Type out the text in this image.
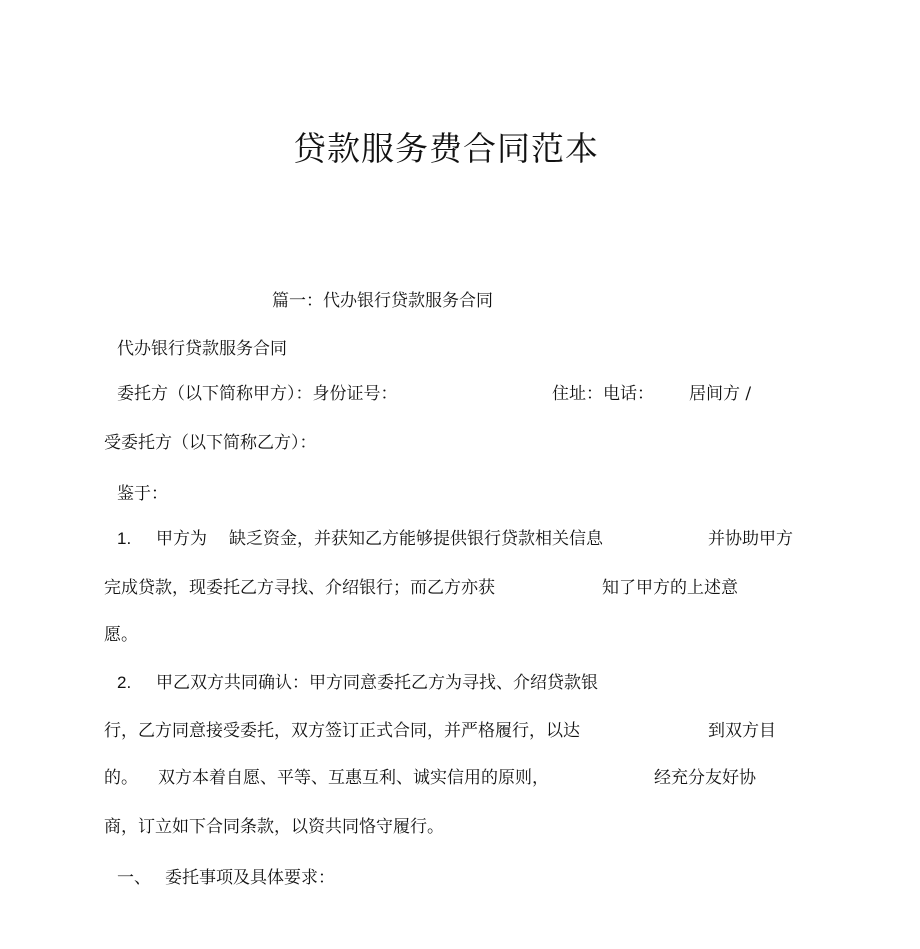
贷款服务费合同范本
篇一：代办银行贷款服务合同
代办银行贷款服务合同
委托方（以下简称甲方）：身份证号：	住址：电话： 居间方 /
受委托方（以下简称乙方）：
鉴于：
1. 甲方为 缺乏资金，并获知乙方能够提供银行贷款相关信息	并协助甲方
完成贷款，现委托乙方寻找、介绍银行；而乙方亦获	知了甲方的上述意
愿。
2. 甲乙双方共同确认：甲方同意委托乙方为寻找、介绍贷款银
行，乙方同意接受委托，双方签订正式合同，并严格履行，以达	到双方目
的。 双方本着自愿、平等、互惠互利、诚实信用的原则，	经充分友好协
商，订立如下合同条款，以资共同恪守履行。
一、 委托事项及具体要求：
